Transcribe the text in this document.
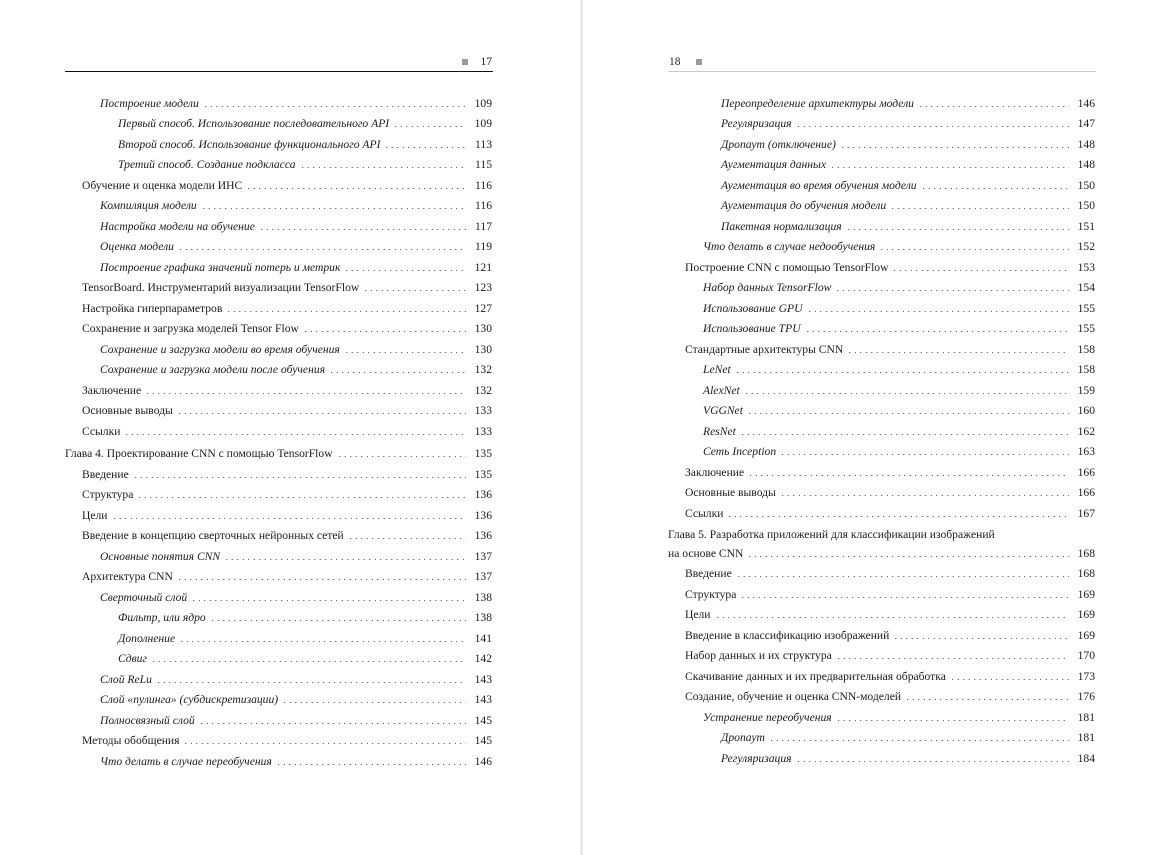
17
Построение модели	109
Первый способ. Использование последовательного API	109
Второй способ. Использование функционального API	113
Третий способ. Создание подкласса	115
Обучение и оценка модели ИНС	116
Компиляция модели	116
Настройка модели на обучение	117
Оценка модели	119
Построение графика значений потерь и метрик	121
TensorBoard. Инструментарий визуализации TensorFlow	123
Настройка гиперпараметров	127
Сохранение и загрузка моделей Tensor Flow	130
Сохранение и загрузка модели во время обучения	130
Сохранение и загрузка модели после обучения	132
Заключение	132
Основные выводы	133
Ссылки	133
Глава 4. Проектирование CNN с помощью TensorFlow	135
Введение	135
Структура	136
Цели	136
Введение в концепцию сверточных нейронных сетей	136
Основные понятия CNN	137
Архитектура CNN	137
Сверточный слой	138
Фильтр, или ядро	138
Дополнение	141
Сдвиг	142
Слой ReLu	143
Слой «пулинга» (субдискретизации)	143
Полносвязный слой	145
Методы обобщения	145
Что делать в случае переобучения	146
18
Переопределение архитектуры модели	146
Регуляризация	147
Дропаут (отключение)	148
Аугментация данных	148
Аугментация во время обучения модели	150
Аугментация до обучения модели	150
Пакетная нормализация	151
Что делать в случае недообучения	152
Построение CNN с помощью TensorFlow	153
Набор данных TensorFlow	154
Использование GPU	155
Использование TPU	155
Стандартные архитектуры CNN	158
LeNet	158
AlexNet	159
VGGNet	160
ResNet	162
Сеть Inception	163
Заключение	166
Основные выводы	166
Ссылки	167
Глава 5. Разработка приложений для классификации изображений
на основе CNN	168
Введение	168
Структура	169
Цели	169
Введение в классификацию изображений	169
Набор данных и их структура	170
Скачивание данных и их предварительная обработка	173
Создание, обучение и оценка CNN-моделей	176
Устранение переобучения	181
Дропаут	181
Регуляризация	184
